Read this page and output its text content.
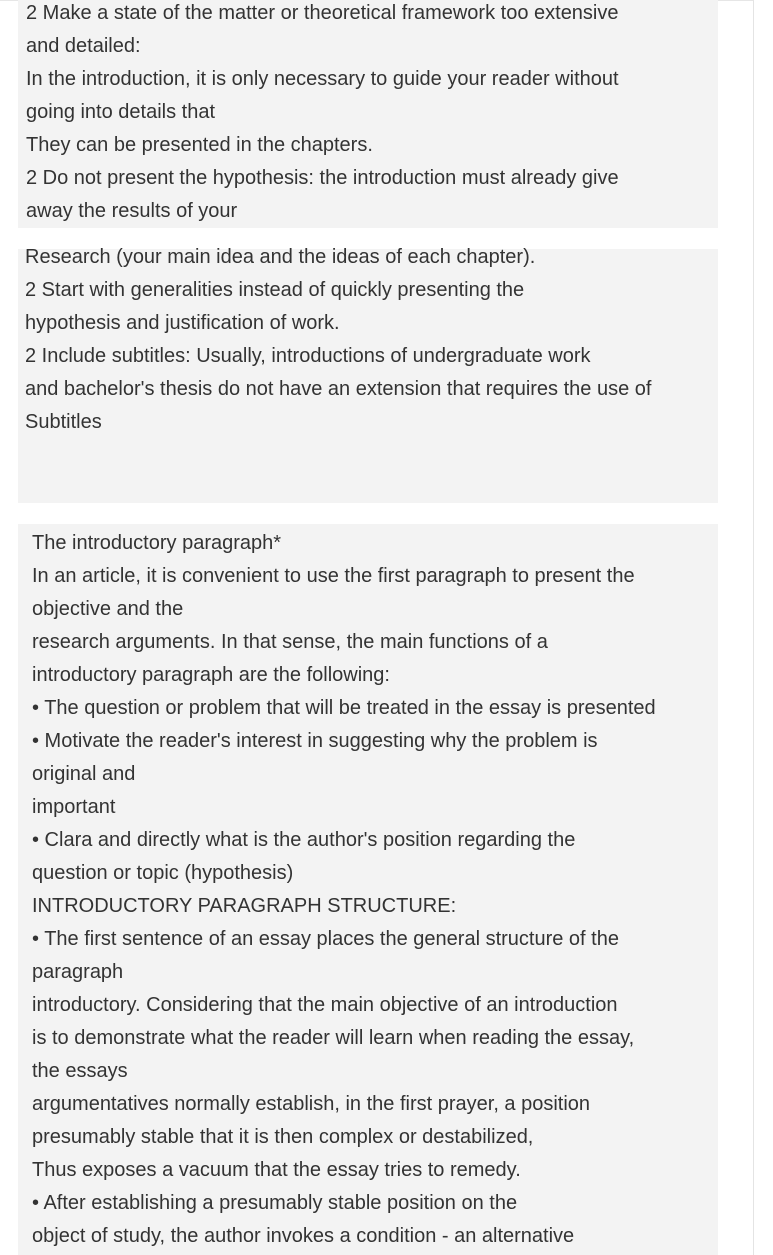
2 Make a state of the matter or theoretical framework too extensive
and detailed:
In the introduction, it is only necessary to guide your reader without
going into details that
They can be presented in the chapters.
2 Do not present the hypothesis: the introduction must already give
away the results of your
Research (your main idea and the ideas of each chapter).
2 Start with generalities instead of quickly presenting the
hypothesis and justification of work.
2 Include subtitles: Usually, introductions of undergraduate work
and bachelor's thesis do not have an extension that requires the use of
Subtitles
The introductory paragraph*
In an article, it is convenient to use the first paragraph to present the
objective and the
research arguments. In that sense, the main functions of a
introductory paragraph are the following:
• The question or problem that will be treated in the essay is presented
• Motivate the reader's interest in suggesting why the problem is
original and
important
• Clara and directly what is the author's position regarding the
question or topic (hypothesis)
INTRODUCTORY PARAGRAPH STRUCTURE:
• The first sentence of an essay places the general structure of the
paragraph
introductory. Considering that the main objective of an introduction
is to demonstrate what the reader will learn when reading the essay,
the essays
argumentatives normally establish, in the first prayer, a position
presumably stable that it is then complex or destabilized,
Thus exposes a vacuum that the essay tries to remedy.
• After establishing a presumably stable position on the
object of study, the author invokes a condition - an alternative
